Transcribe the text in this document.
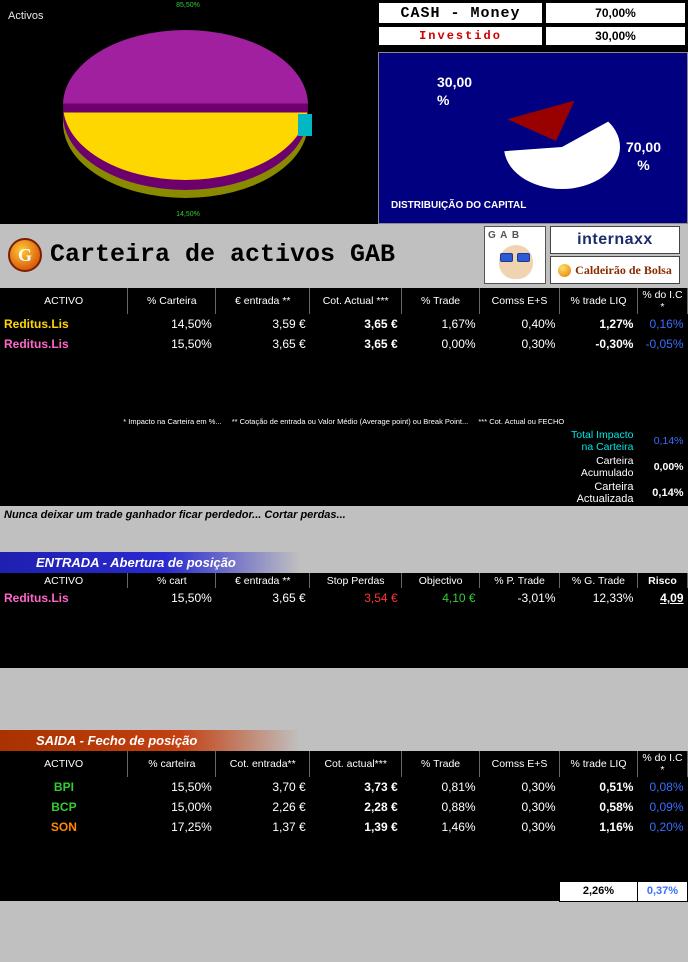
Activos
85,50%
14,50%
CASH - Money	70,00%
Investido	30,00%
30,00
%
70,00
%
DISTRIBUIÇÃO DO CAPITAL
G Carteira de activos GAB
G A B	internaxx
Caldeirão de Bolsa
ACTIVO	% Carteira	€ entrada **	Cot. Actual ***	% Trade	Comss E+S	% trade LIQ	% do I.C *
Reditus.Lis	14,50%	3,59 €	3,65 €	1,67%	0,40%	1,27%	0,16%
Reditus.Lis	15,50%	3,65 €	3,65 €	0,00%	0,30%	-0,30%	-0,05%

* Impacto na Carteira em %... ** Cotação de entrada ou Valor Médio (Average point) ou Break Point... *** Cot. Actual ou FECHO							
						Total Impacto na Carteira	0,14%
						Carteira Acumulado	0,00%
						Carteira Actualizada	0,14%
Nunca deixar um trade ganhador ficar perdedor... Cortar perdas...
ENTRADA - Abertura de posição
ACTIVO	% cart	€ entrada **	Stop Perdas	Objectivo	% P. Trade	% G. Trade	Risco
Reditus.Lis	15,50%	3,65 €	3,54 €	4,10 €	-3,01%	12,33%	4,09

SAIDA - Fecho de posição
ACTIVO	% carteira	Cot. entrada**	Cot. actual***	% Trade	Comss E+S	% trade LIQ	% do I.C *
BPI	15,50%	3,70 €	3,73 €	0,81%	0,30%	0,51%	0,08%
BCP	15,00%	2,26 €	2,28 €	0,88%	0,30%	0,58%	0,09%
SON	17,25%	1,37 €	1,39 €	1,46%	0,30%	1,16%	0,20%

						2,26%	0,37%
